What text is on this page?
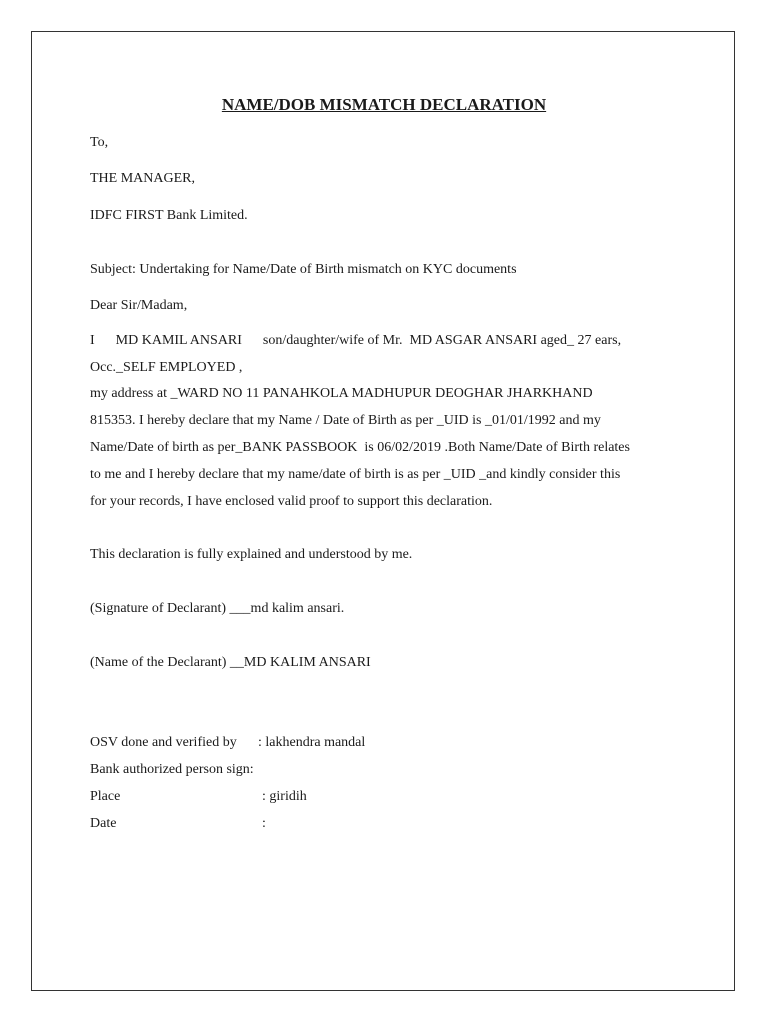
NAME/DOB MISMATCH DECLARATION
To,
THE MANAGER,
IDFC FIRST Bank Limited.
Subject: Undertaking for Name/Date of Birth mismatch on KYC documents
Dear Sir/Madam,
I      MD KAMIL ANSARI      son/daughter/wife of Mr.  MD ASGAR ANSARI aged_ 27 ears,
Occ._SELF EMPLOYED ,
my address at _WARD NO 11 PANAHKOLA MADHUPUR DEOGHAR JHARKHAND
815353. I hereby declare that my Name / Date of Birth as per _UID is _01/01/1992 and my
Name/Date of birth as per_BANK PASSBOOK  is 06/02/2019 .Both Name/Date of Birth relates
to me and I hereby declare that my name/date of birth is as per _UID _and kindly consider this
for your records, I have enclosed valid proof to support this declaration.
This declaration is fully explained and understood by me.
(Signature of Declarant) ___md kalim ansari.
(Name of the Declarant) __MD KALIM ANSARI
OSV done and verified by : lakhendra mandal
Bank authorized person sign:
Place	: giridih
Date	:
